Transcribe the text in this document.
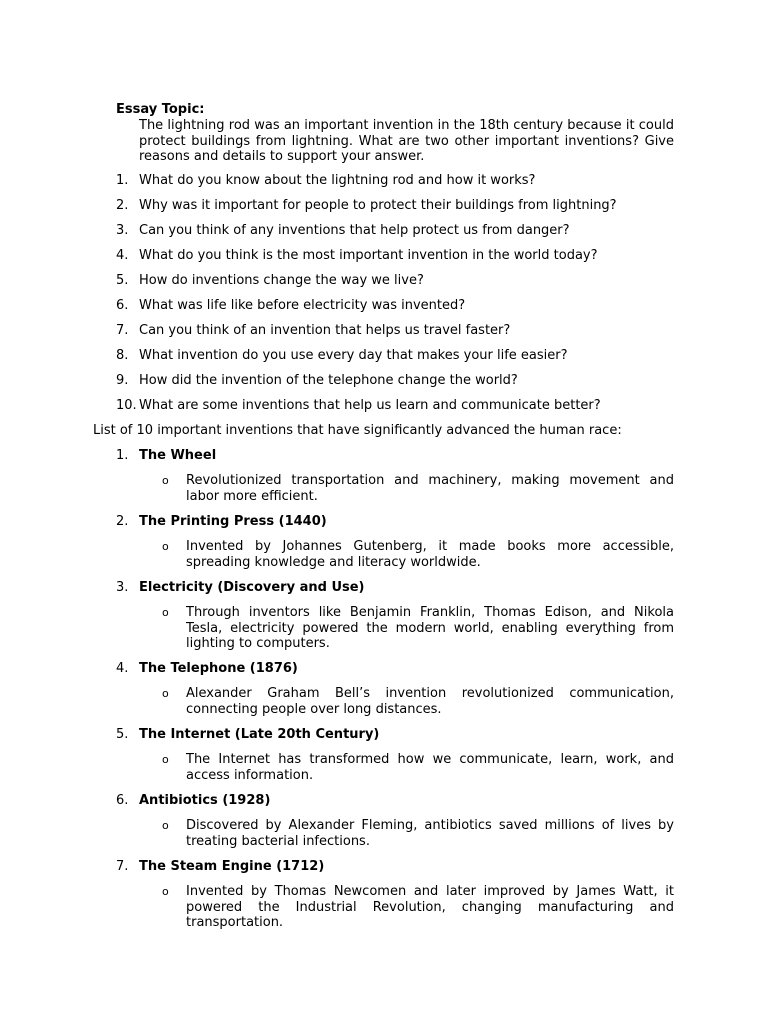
Essay Topic:

The lightning rod was an important invention in the 18th century because it could protect buildings from lightning. What are two other important inventions? Give reasons and details to support your answer.

1. What do you know about the lightning rod and how it works?
2. Why was it important for people to protect their buildings from lightning?
3. Can you think of any inventions that help protect us from danger?
4. What do you think is the most important invention in the world today?
5. How do inventions change the way we live?
6. What was life like before electricity was invented?
7. Can you think of an invention that helps us travel faster?
8. What invention do you use every day that makes your life easier?
9. How did the invention of the telephone change the world?
10. What are some inventions that help us learn and communicate better?

List of 10 important inventions that have significantly advanced the human race:

1. The Wheel
o Revolutionized transportation and machinery, making movement and labor more efficient.
2. The Printing Press (1440)
o Invented by Johannes Gutenberg, it made books more accessible, spreading knowledge and literacy worldwide.
3. Electricity (Discovery and Use)
o Through inventors like Benjamin Franklin, Thomas Edison, and Nikola Tesla, electricity powered the modern world, enabling everything from lighting to computers.
4. The Telephone (1876)
o Alexander Graham Bell’s invention revolutionized communication, connecting people over long distances.
5. The Internet (Late 20th Century)
o The Internet has transformed how we communicate, learn, work, and access information.
6. Antibiotics (1928)
o Discovered by Alexander Fleming, antibiotics saved millions of lives by treating bacterial infections.
7. The Steam Engine (1712)
o Invented by Thomas Newcomen and later improved by James Watt, it powered the Industrial Revolution, changing manufacturing and transportation.
